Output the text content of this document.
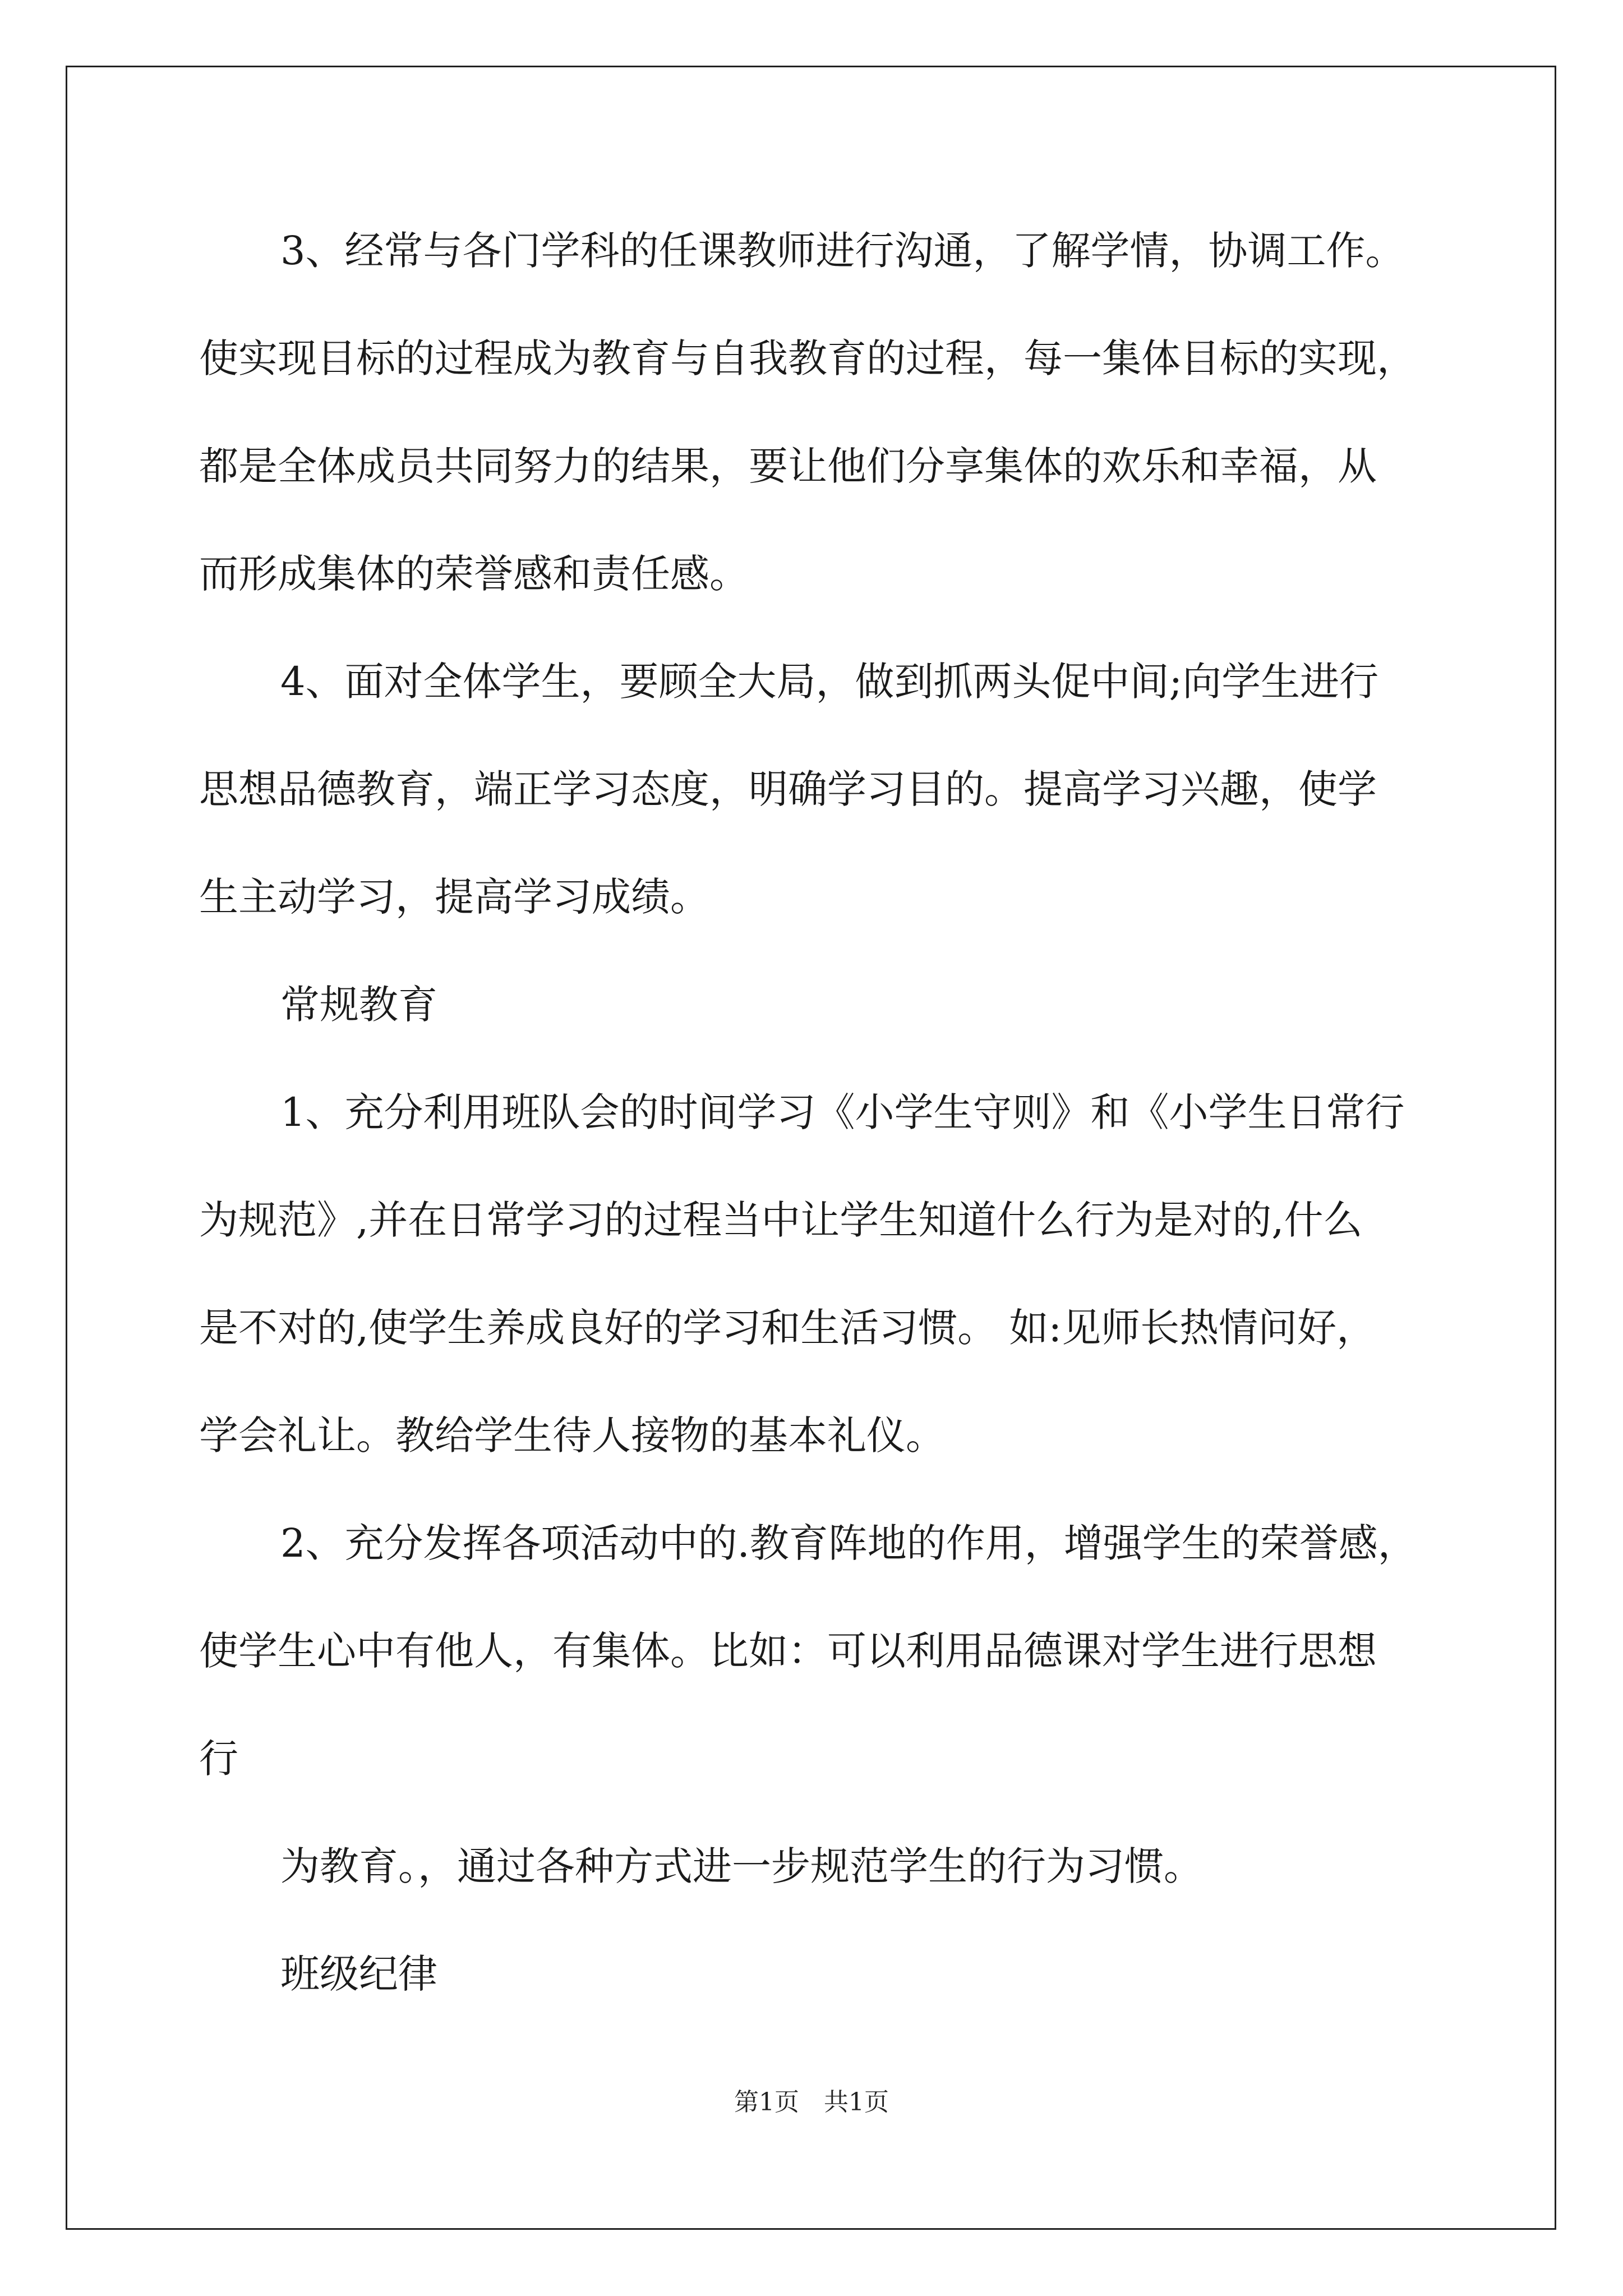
3、经常与各门学科的任课教师进行沟通，了解学情，协调工作。
使实现目标的过程成为教育与自我教育的过程，每一集体目标的实现，
都是全体成员共同努力的结果，要让他们分享集体的欢乐和幸福，从
而形成集体的荣誉感和责任感。
4、面对全体学生，要顾全大局，做到抓两头促中间;向学生进行
思想品德教育，端正学习态度，明确学习目的。提高学习兴趣，使学
生主动学习，提高学习成绩。
常规教育
1、充分利用班队会的时间学习《小学生守则》和《小学生日常行
为规范》,并在日常学习的过程当中让学生知道什么行为是对的,什么
是不对的,使学生养成良好的学习和生活习惯。 如:见师长热情问好，
学会礼让。教给学生待人接物的基本礼仪。
2、充分发挥各项活动中的.教育阵地的作用，增强学生的荣誉感，
使学生心中有他人，有集体。比如：可以利用品德课对学生进行思想
行
为教育。，通过各种方式进一步规范学生的行为习惯。
班级纪律
第1页　共1页
